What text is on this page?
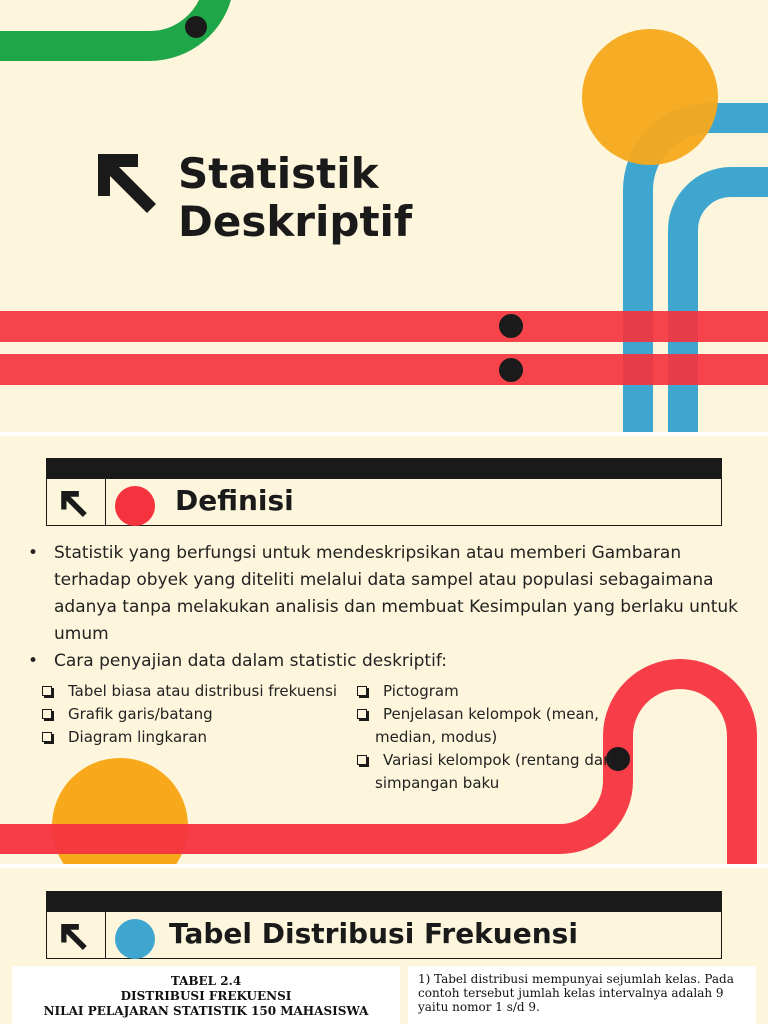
Statistik
Deskriptif
Definisi
• Statistik yang berfungsi untuk mendeskripsikan atau memberi Gambaran terhadap obyek yang diteliti melalui data sampel atau populasi sebagaimana adanya tanpa melakukan analisis dan membuat Kesimpulan yang berlaku untuk umum
• Cara penyajian data dalam statistic deskriptif:
Tabel biasa atau distribusi frekuensi
Grafik garis/batang
Diagram lingkaran
Pictogram
Penjelasan kelompok (mean, median, modus)
Variasi kelompok (rentang dan simpangan baku
Tabel Distribusi Frekuensi
TABEL 2.4
DISTRIBUSI FREKUENSI
NILAI PELAJARAN STATISTIK 150 MAHASISWA
1) Tabel distribusi mempunyai sejumlah kelas. Pada contoh tersebut jumlah kelas intervalnya adalah 9 yaitu nomor 1 s/d 9.
